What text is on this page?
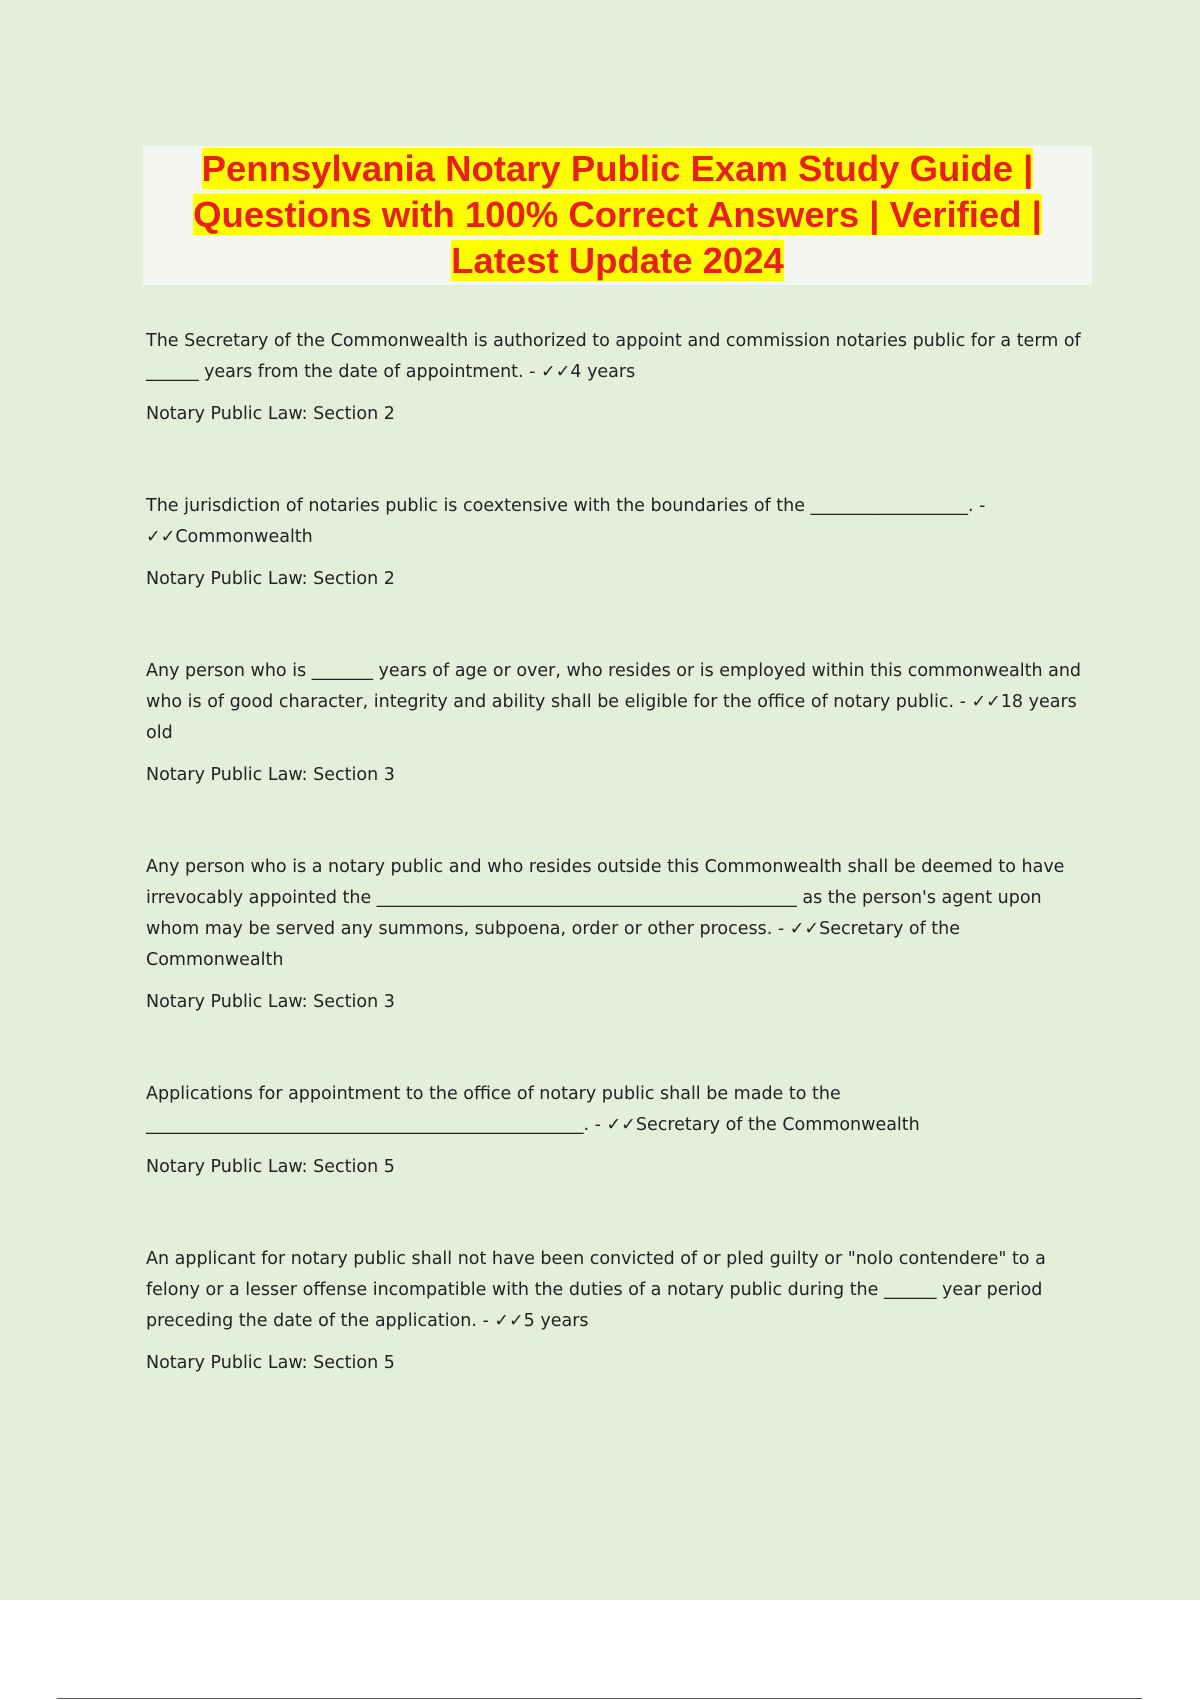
Pennsylvania Notary Public Exam Study Guide |
Questions with 100% Correct Answers | Verified |
Latest Update 2024

The Secretary of the Commonwealth is authorized to appoint and commission notaries public for a term of ______ years from the date of appointment. - ✓✓4 years

Notary Public Law: Section 2

The jurisdiction of notaries public is coextensive with the boundaries of the __________________. - ✓✓Commonwealth

Notary Public Law: Section 2

Any person who is _______ years of age or over, who resides or is employed within this commonwealth and who is of good character, integrity and ability shall be eligible for the office of notary public. - ✓✓18 years old

Notary Public Law: Section 3

Any person who is a notary public and who resides outside this Commonwealth shall be deemed to have irrevocably appointed the ________________________________________________ as the person's agent upon whom may be served any summons, subpoena, order or other process. - ✓✓Secretary of the Commonwealth

Notary Public Law: Section 3

Applications for appointment to the office of notary public shall be made to the __________________________________________________. - ✓✓Secretary of the Commonwealth

Notary Public Law: Section 5

An applicant for notary public shall not have been convicted of or pled guilty or "nolo contendere" to a felony or a lesser offense incompatible with the duties of a notary public during the ______ year period preceding the date of the application. - ✓✓5 years

Notary Public Law: Section 5
